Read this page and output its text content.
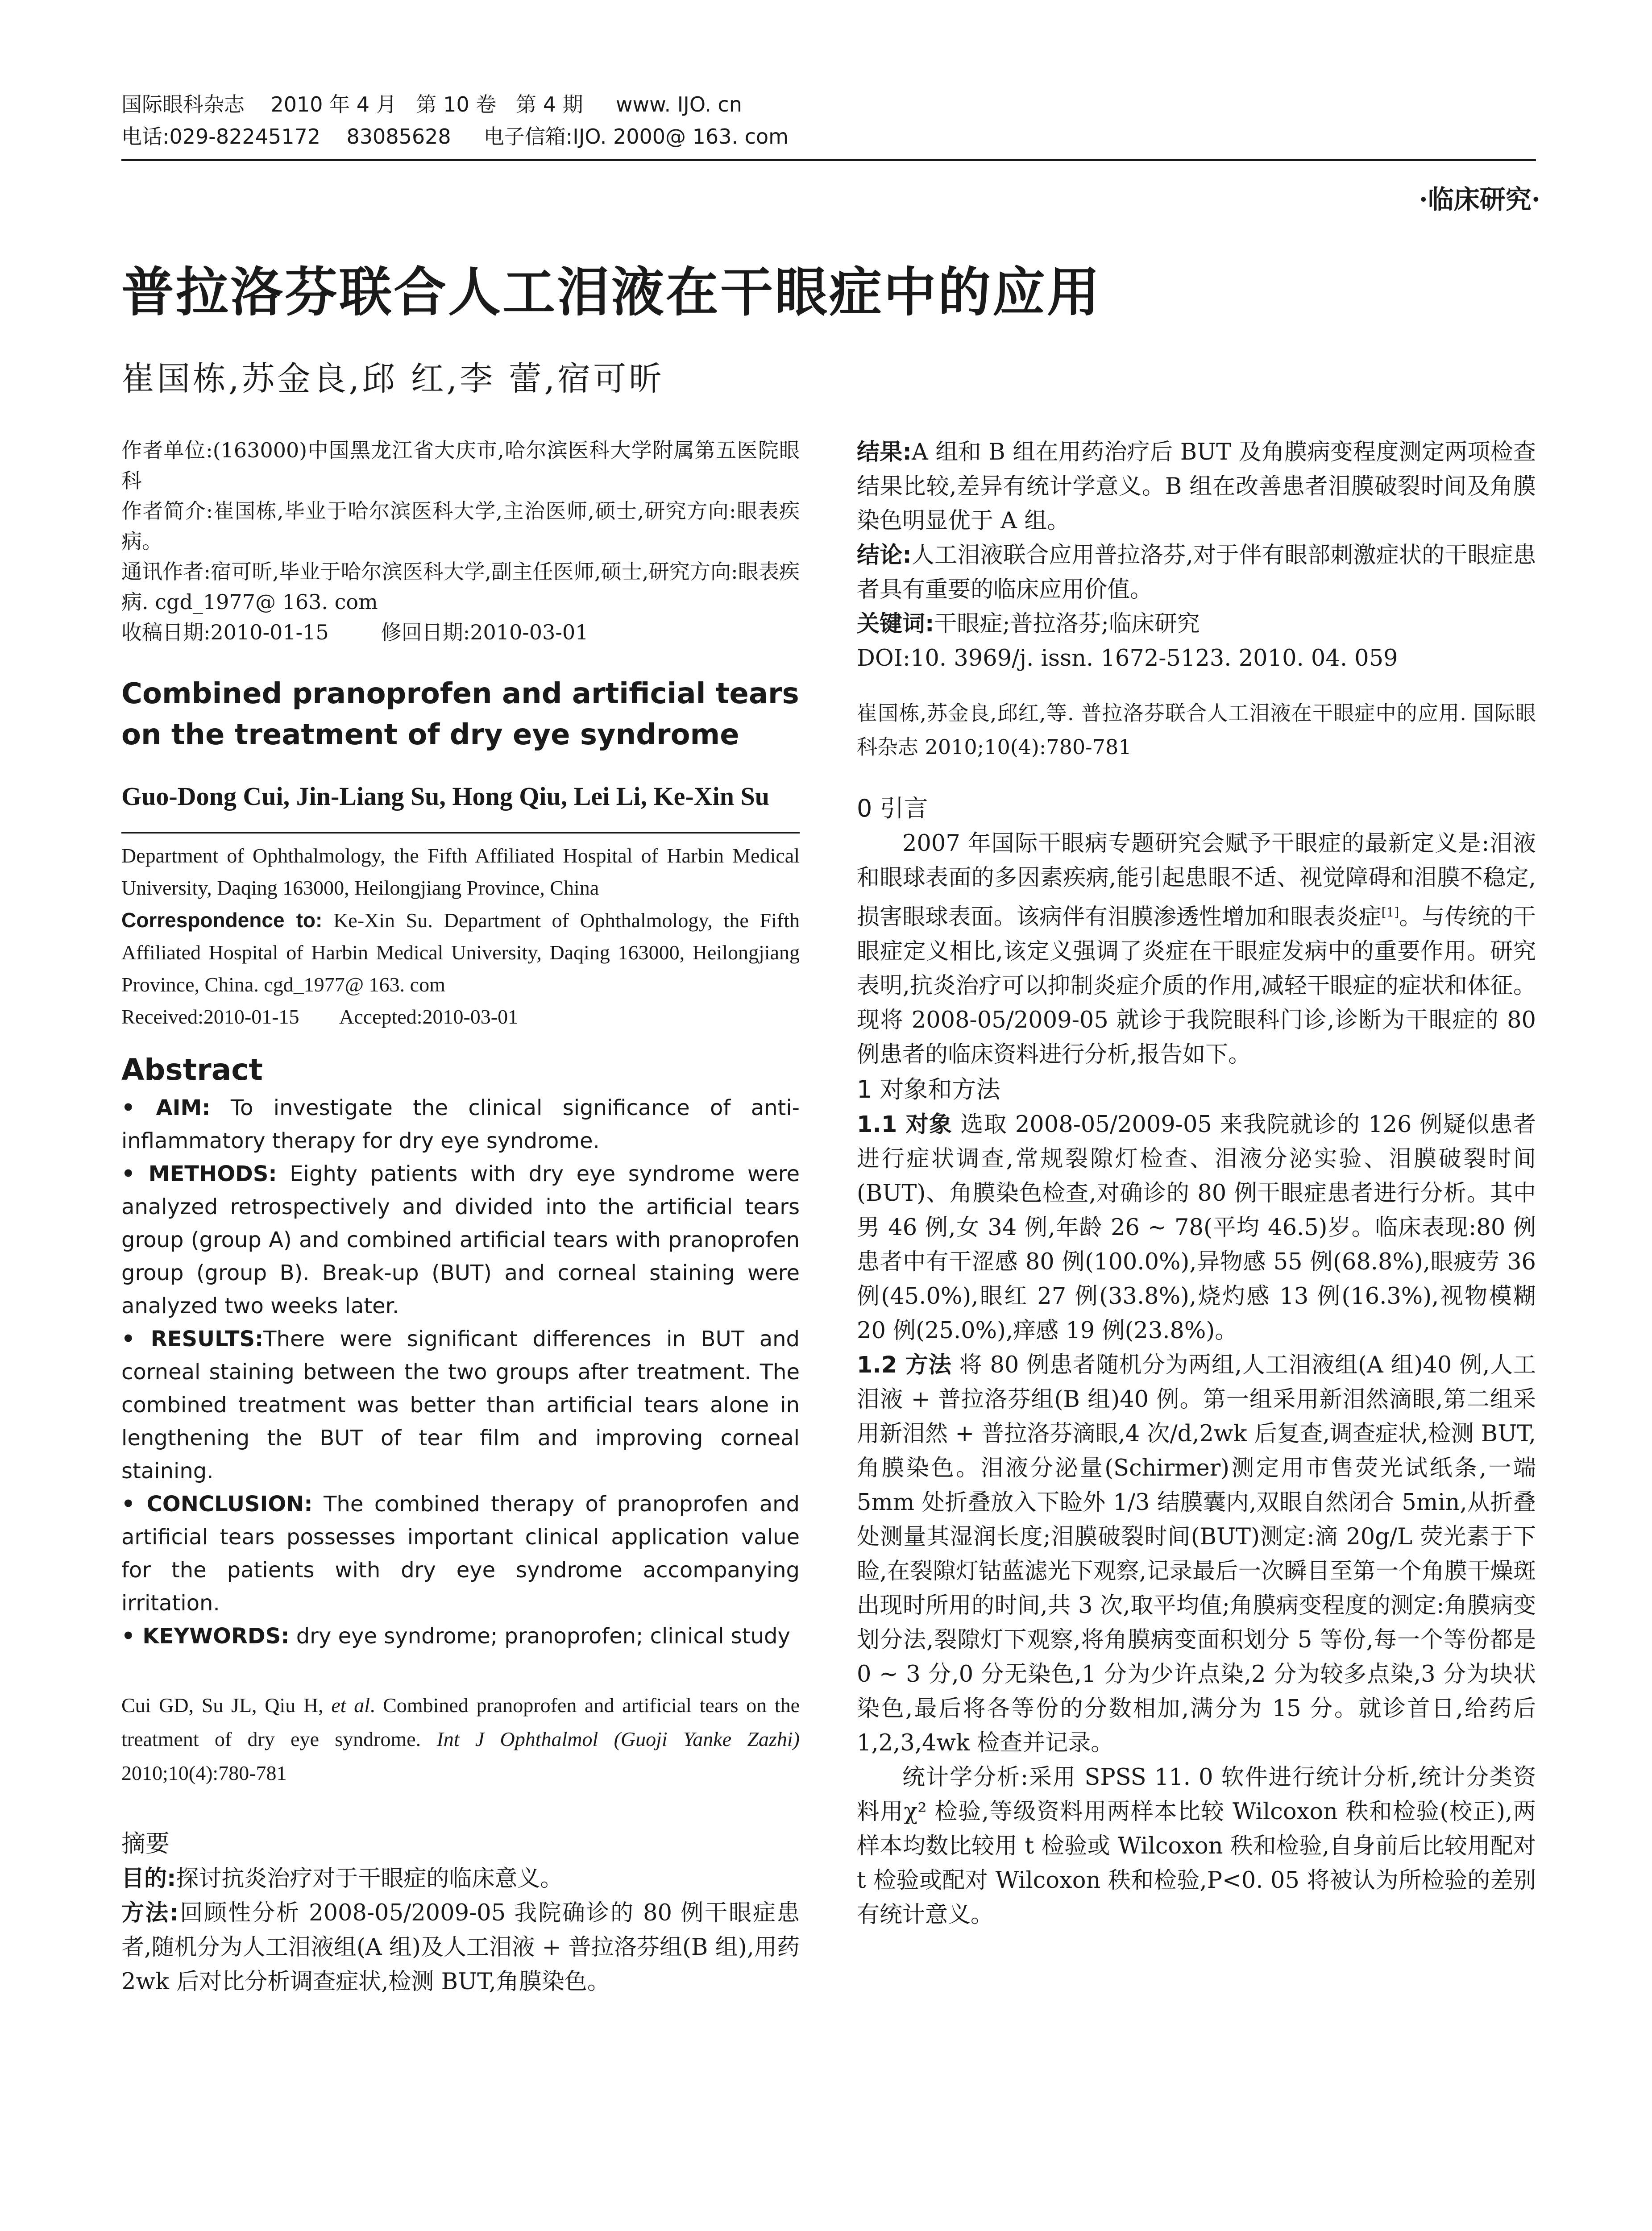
国际眼科杂志    2010 年 4 月   第 10 卷   第 4 期     www. IJO. cn
电话:029-82245172    83085628     电子信箱:IJO. 2000@ 163. com
·临床研究·
普拉洛芬联合人工泪液在干眼症中的应用
崔国栋,苏金良,邱 红,李 蕾,宿可昕

作者单位:(163000)中国黑龙江省大庆市,哈尔滨医科大学附属第五医院眼科

作者简介:崔国栋,毕业于哈尔滨医科大学,主治医师,硕士,研究方向:眼表疾病。

通讯作者:宿可昕,毕业于哈尔滨医科大学,副主任医师,硕士,研究方向:眼表疾病. cgd_1977@ 163. com

收稿日期:2010-01-15        修回日期:2010-03-01

Combined pranoprofen and artificial tears on the treatment of dry eye syndrome

Guo-Dong Cui, Jin-Liang Su, Hong Qiu, Lei Li, Ke-Xin Su

Department of Ophthalmology, the Fifth Affiliated Hospital of Harbin Medical University, Daqing 163000, Heilongjiang Province, China

Correspondence to: Ke-Xin Su. Department of Ophthalmology, the Fifth Affiliated Hospital of Harbin Medical University, Daqing 163000, Heilongjiang Province, China. cgd_1977@ 163. com

Received:2010-01-15        Accepted:2010-03-01

Abstract

• AIM: To investigate the clinical significance of anti-inflammatory therapy for dry eye syndrome.

• METHODS: Eighty patients with dry eye syndrome were analyzed retrospectively and divided into the artificial tears group (group A) and combined artificial tears with pranoprofen group (group B). Break-up (BUT) and corneal staining were analyzed two weeks later.

• RESULTS:There were significant differences in BUT and corneal staining between the two groups after treatment. The combined treatment was better than artificial tears alone in lengthening the BUT of tear film and improving corneal staining.

• CONCLUSION: The combined therapy of pranoprofen and artificial tears possesses important clinical application value for the patients with dry eye syndrome accompanying irritation.

• KEYWORDS: dry eye syndrome; pranoprofen; clinical study

Cui GD, Su JL, Qiu H, et al. Combined pranoprofen and artificial tears on the treatment of dry eye syndrome. Int J Ophthalmol (Guoji Yanke Zazhi) 2010;10(4):780-781

摘要

目的:探讨抗炎治疗对于干眼症的临床意义。

方法:回顾性分析 2008-05/2009-05 我院确诊的 80 例干眼症患者,随机分为人工泪液组(A 组)及人工泪液 + 普拉洛芬组(B 组),用药 2wk 后对比分析调查症状,检测 BUT,角膜染色。

结果:A 组和 B 组在用药治疗后 BUT 及角膜病变程度测定两项检查结果比较,差异有统计学意义。B 组在改善患者泪膜破裂时间及角膜染色明显优于 A 组。

结论:人工泪液联合应用普拉洛芬,对于伴有眼部刺激症状的干眼症患者具有重要的临床应用价值。

关键词:干眼症;普拉洛芬;临床研究

DOI:10. 3969/j. issn. 1672-5123. 2010. 04. 059

崔国栋,苏金良,邱红,等. 普拉洛芬联合人工泪液在干眼症中的应用. 国际眼科杂志 2010;10(4):780-781

0 引言

2007 年国际干眼病专题研究会赋予干眼症的最新定义是:泪液和眼球表面的多因素疾病,能引起患眼不适、视觉障碍和泪膜不稳定,损害眼球表面。该病伴有泪膜渗透性增加和眼表炎症[1]。与传统的干眼症定义相比,该定义强调了炎症在干眼症发病中的重要作用。研究表明,抗炎治疗可以抑制炎症介质的作用,减轻干眼症的症状和体征。现将 2008-05/2009-05 就诊于我院眼科门诊,诊断为干眼症的 80 例患者的临床资料进行分析,报告如下。

1 对象和方法

1.1 对象 选取 2008-05/2009-05 来我院就诊的 126 例疑似患者进行症状调查,常规裂隙灯检查、泪液分泌实验、泪膜破裂时间(BUT)、角膜染色检查,对确诊的 80 例干眼症患者进行分析。其中男 46 例,女 34 例,年龄 26 ~ 78(平均 46.5)岁。临床表现:80 例患者中有干涩感 80 例(100.0%),异物感 55 例(68.8%),眼疲劳 36 例(45.0%),眼红 27 例(33.8%),烧灼感 13 例(16.3%),视物模糊 20 例(25.0%),痒感 19 例(23.8%)。

1.2 方法 将 80 例患者随机分为两组,人工泪液组(A 组)40 例,人工泪液 + 普拉洛芬组(B 组)40 例。第一组采用新泪然滴眼,第二组采用新泪然 + 普拉洛芬滴眼,4 次/d,2wk 后复查,调查症状,检测 BUT,角膜染色。泪液分泌量(Schirmer)测定用市售荧光试纸条,一端 5mm 处折叠放入下睑外 1/3 结膜囊内,双眼自然闭合 5min,从折叠处测量其湿润长度;泪膜破裂时间(BUT)测定:滴 20g/L 荧光素于下睑,在裂隙灯钴蓝滤光下观察,记录最后一次瞬目至第一个角膜干燥斑出现时所用的时间,共 3 次,取平均值;角膜病变程度的测定:角膜病变划分法,裂隙灯下观察,将角膜病变面积划分 5 等份,每一个等份都是 0 ~ 3 分,0 分无染色,1 分为少许点染,2 分为较多点染,3 分为块状染色,最后将各等份的分数相加,满分为 15 分。就诊首日,给药后 1,2,3,4wk 检查并记录。

统计学分析:采用 SPSS 11. 0 软件进行统计分析,统计分类资料用χ² 检验,等级资料用两样本比较 Wilcoxon 秩和检验(校正),两样本均数比较用 t 检验或 Wilcoxon 秩和检验,自身前后比较用配对 t 检验或配对 Wilcoxon 秩和检验,P<0. 05 将被认为所检验的差别有统计意义。
